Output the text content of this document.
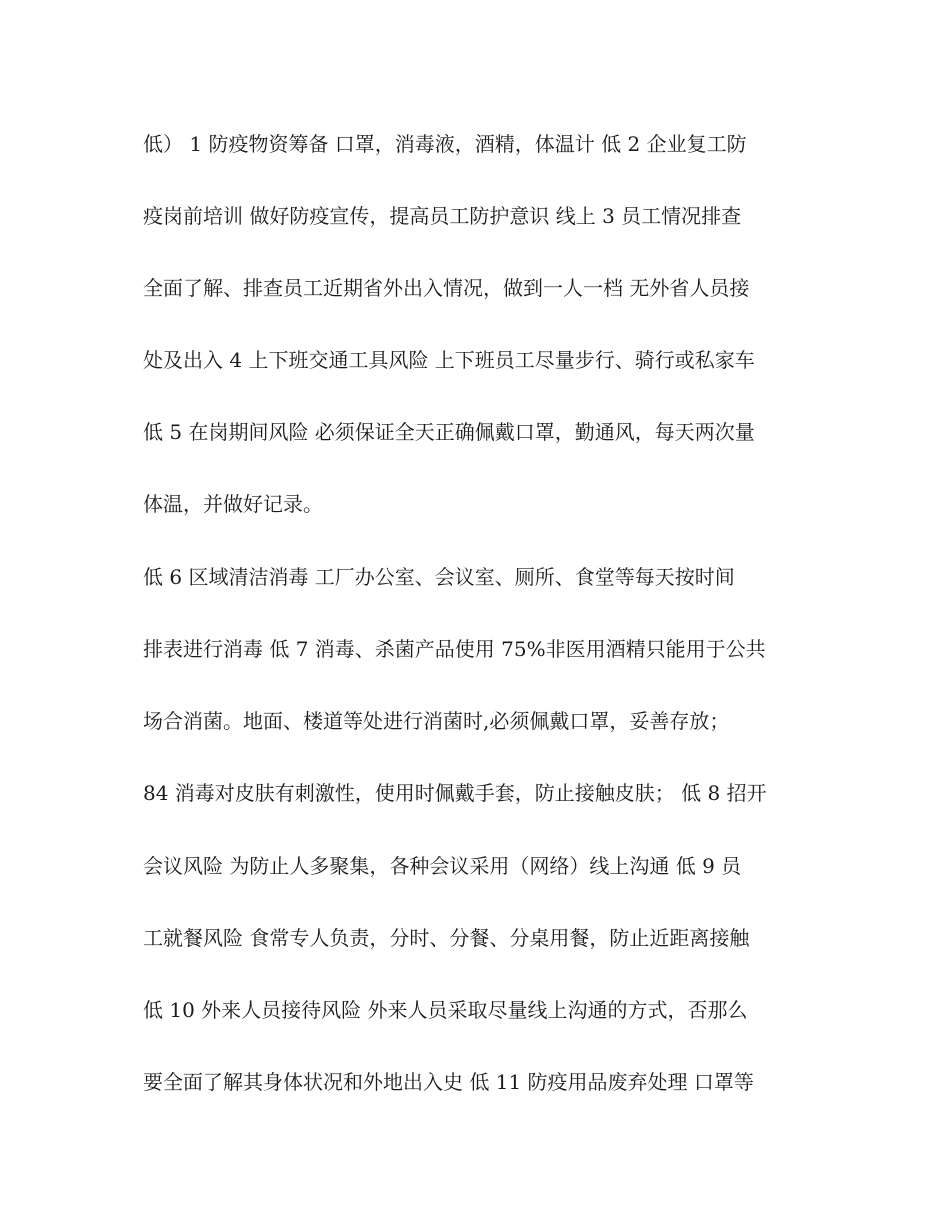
低） 1 防疫物资筹备 口罩，消毒液，酒精，体温计 低 2 企业复工防
疫岗前培训 做好防疫宣传，提高员工防护意识 线上 3 员工情况排查
全面了解、排查员工近期省外出入情况，做到一人一档 无外省人员接
处及出入 4 上下班交通工具风险 上下班员工尽量步行、骑行或私家车
低 5 在岗期间风险 必须保证全天正确佩戴口罩，勤通风，每天两次量
体温，并做好记录。
低 6 区域清洁消毒 工厂办公室、会议室、厕所、食堂等每天按时间
排表进行消毒 低 7 消毒、杀菌产品使用 75%非医用酒精只能用于公共
场合消菌。地面、楼道等处进行消菌时,必须佩戴口罩，妥善存放；
84 消毒对皮肤有刺激性，使用时佩戴手套，防止接触皮肤； 低 8 招开
会议风险 为防止人多聚集，各种会议采用（网络）线上沟通 低 9 员
工就餐风险 食常专人负责，分时、分餐、分桌用餐，防止近距离接触
低 10 外来人员接待风险 外来人员采取尽量线上沟通的方式，否那么
要全面了解其身体状况和外地出入史 低 11 防疫用品废弃处理 口罩等
